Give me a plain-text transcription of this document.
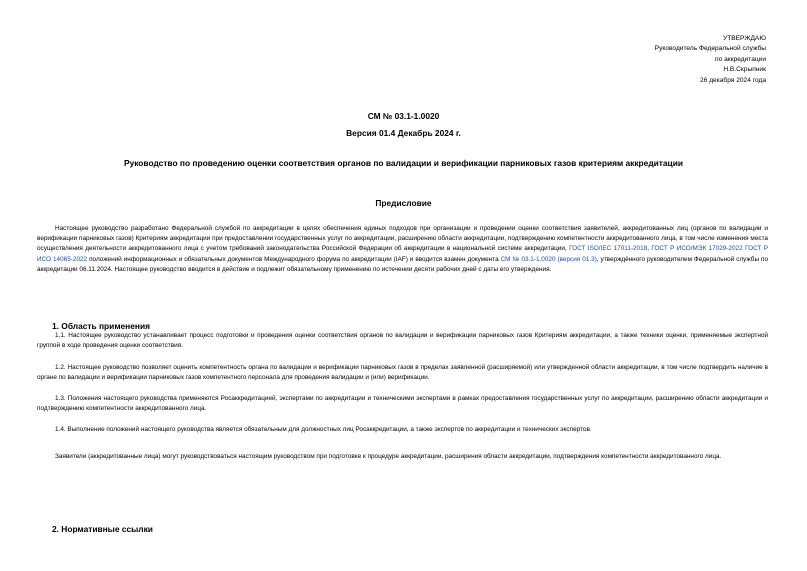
УТВЕРЖДАЮ
Руководитель Федеральной службы
по аккредитации
Н.В.Скрыпник
26 декабря 2024 года
СМ № 03.1-1.0020
Версия 01.4 Декабрь 2024 г.
Руководство по проведению оценки соответствия органов по валидации и верификации парниковых газов критериям аккредитации
Предисловие

Настоящее руководство разработано Федеральной службой по аккредитации в целях обеспечения единых подходов при организации и проведении оценки соответствия заявителей, аккредитованных лиц (органов по валидации и верификации парниковых газов) Критериям аккредитации при предоставлении государственных услуг по аккредитации, расширению области аккредитации, подтверждению компетентности аккредитованного лица, в том числе изменения места осуществления деятельности аккредитованного лица с учетом требований законодательства Российской Федерации об аккредитации в национальной системе аккредитации, ГОСТ ISO/IEC 17011-2018, ГОСТ Р ИСО/МЭК 17029-2022 ГОСТ Р ИСО 14065-2022 положений информационных и обязательных документов Международного форума по аккредитации (IAF) и вводится взамен документа СМ № 03.1-1.0020 (версия 01.3), утверждённого руководителем Федеральной службы по аккредитации 06.11.2024. Настоящее руководство вводится в действие и подлежит обязательному применению по истечении десяти рабочих дней с даты его утверждения.

1. Область применения

1.1. Настоящее руководство устанавливает процесс подготовки и проведения оценки соответствия органов по валидации и верификации парниковых газов Критериям аккредитации, а также техники оценки, применяемые экспертной группой в ходе проведения оценки соответствия.

1.2. Настоящее руководство позволяет оценить компетентность органа по валидации и верификации парниковых газов в пределах заявленной (расширяемой) или утвержденной области аккредитации, в том числе подтвердить наличие в органе по валидации и верификации парниковых газов компетентного персонала для проведения валидации и (или) верификации.

1.3. Положения настоящего руководства применяются Росаккредитацией, экспертами по аккредитации и техническими экспертами в рамках предоставления государственных услуг по аккредитации, расширению области аккредитации и подтверждению компетентности аккредитованного лица.

1.4. Выполнение положений настоящего руководства является обязательным для должностных лиц Росаккредитации, а также экспертов по аккредитации и технических экспертов.

Заявители (аккредитованные лица) могут руководствоваться настоящим руководством при подготовке к процедуре аккредитации, расширения области аккредитации, подтверждения компетентности аккредитованного лица.

2. Нормативные ссылки
